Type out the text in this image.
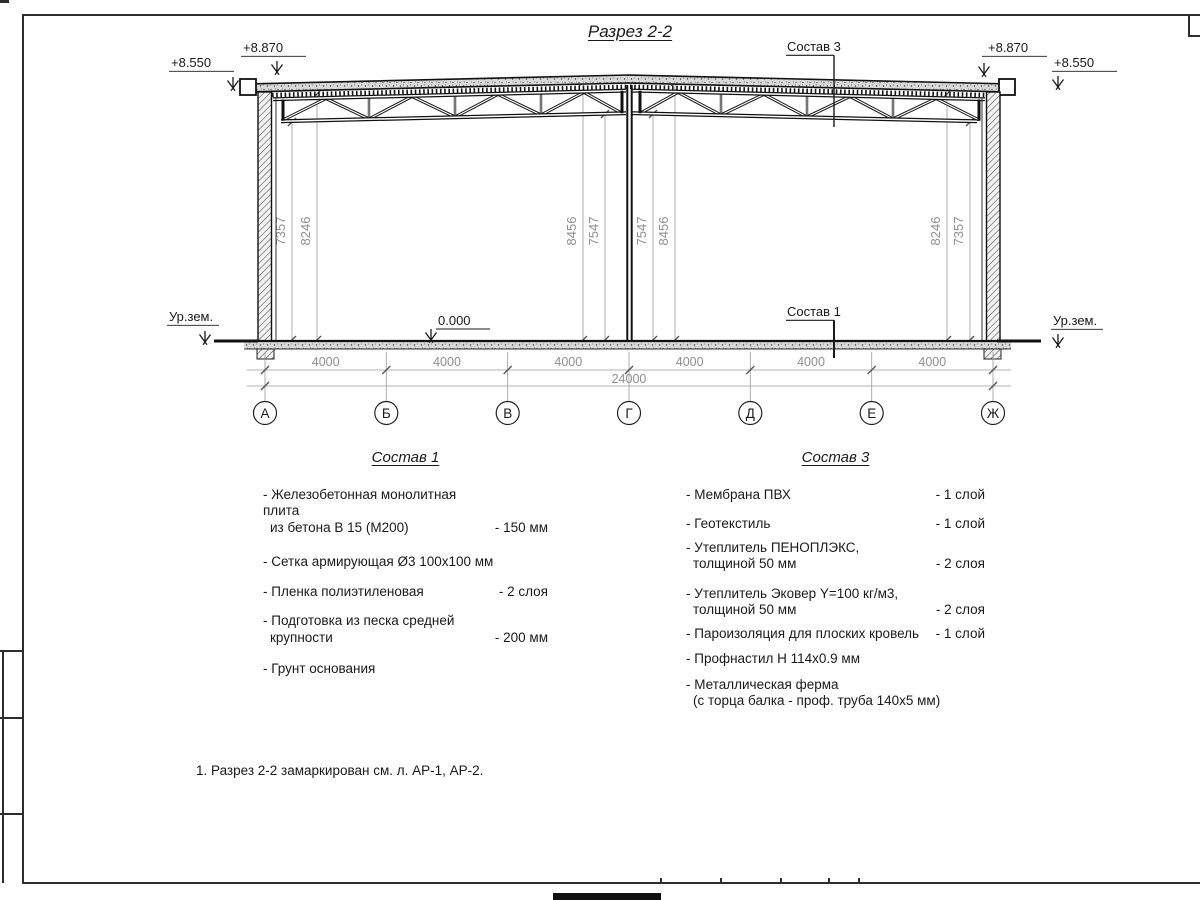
Разрез 2-2
7357 8246	8456 7547	7547 8456	8246 7357
+8.550
+8.870	+8.870
+8.550
Ур.зем.	Ур.зем.
0.000
Состав 3
Состав 1
4000	4000	4000	4000	4000	4000
24000
А	Б	В	Г	Д	Е	Ж
Состав 1
- Железобетонная монолитная плита
из бетона В 15 (М200)	- 150 мм
- Сетка армирующая Ø3 100x100 мм
- Пленка полиэтиленовая	- 2 слоя
- Подготовка из песка средней
крупности	- 200 мм
- Грунт основания
Состав 3
- Мембрана ПВХ	- 1 слой
- Геотекстиль	- 1 слой
- Утеплитель ПЕНОПЛЭКС,
толщиной 50 мм	- 2 слоя
- Утеплитель Эковер Y=100 кг/м3,
толщиной 50 мм	- 2 слоя
- Пароизоляция для плоских кровель	- 1 слой
- Профнастил Н 114х0.9 мм
- Металлическая ферма
(с торца балка - проф. труба 140х5 мм)
1. Разрез 2-2 замаркирован см. л. АР-1, АР-2.
